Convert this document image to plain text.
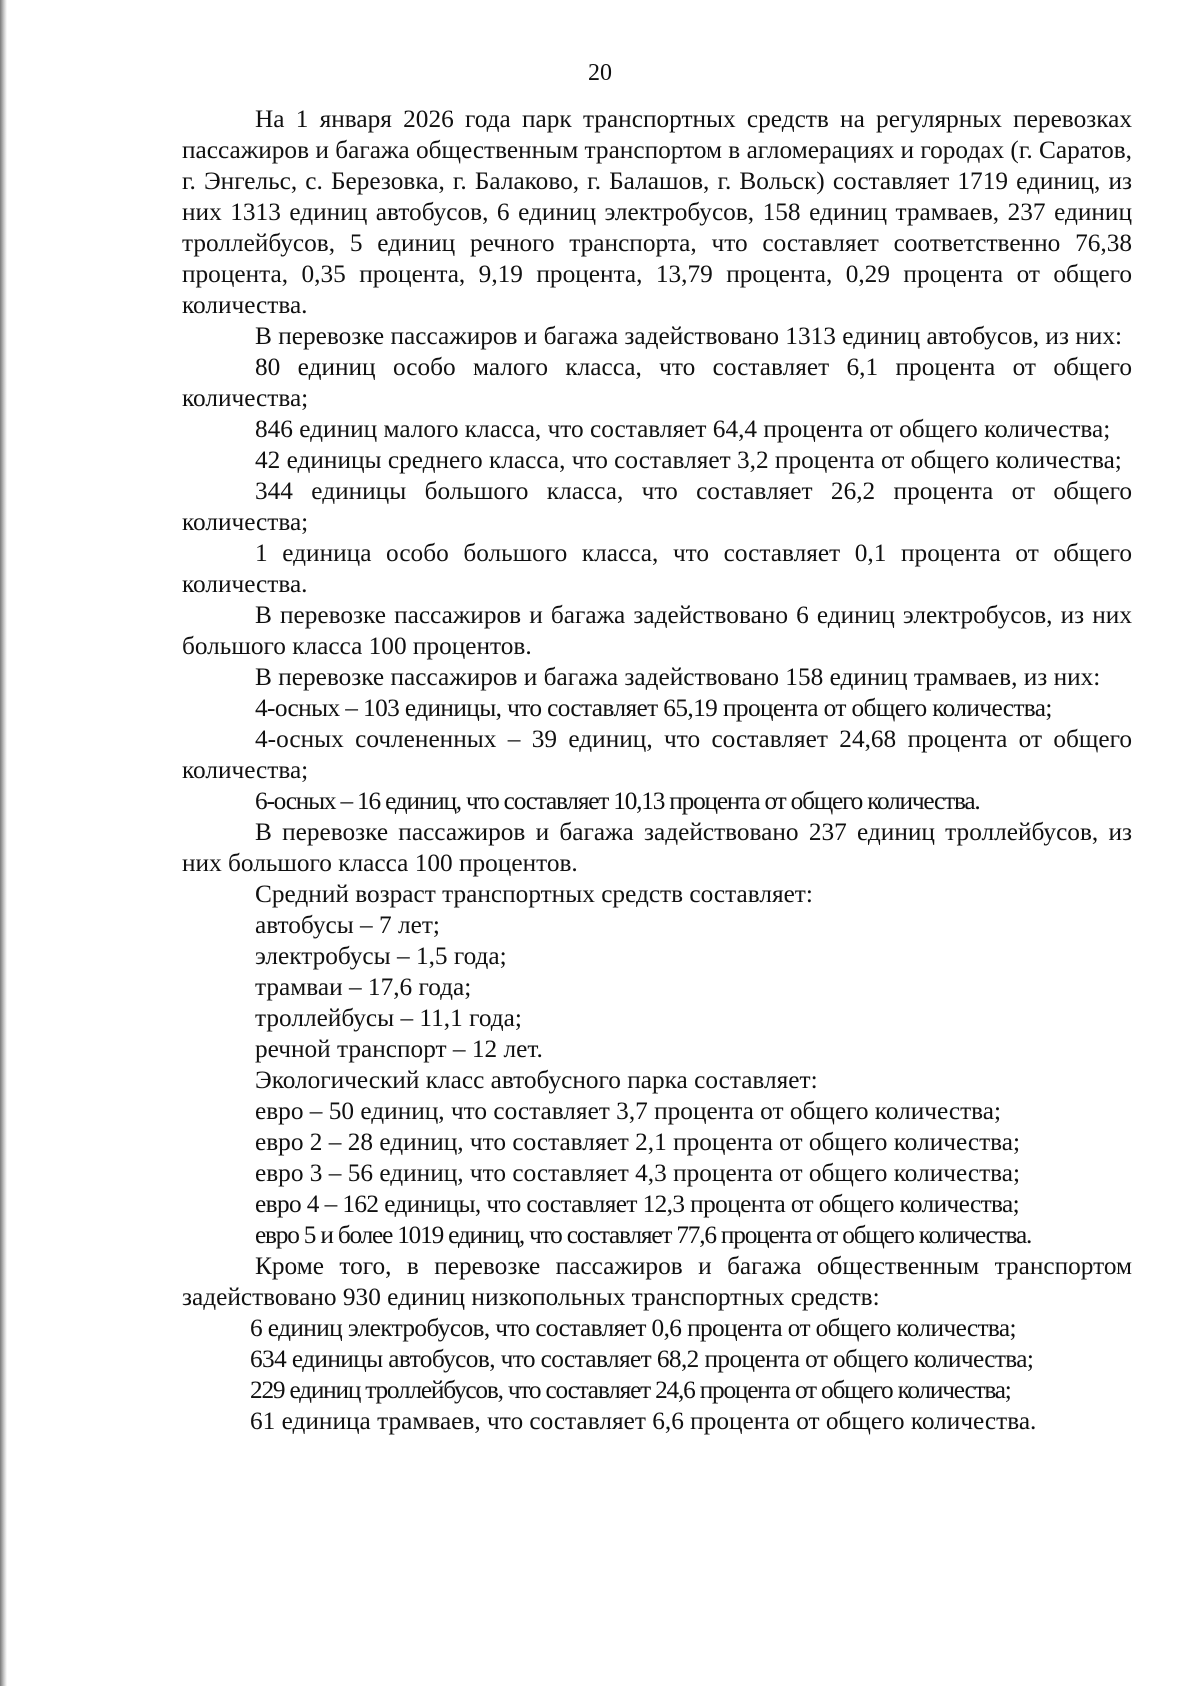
20

На 1 января 2026 года парк транспортных средств на регулярных перевозках пассажиров и багажа общественным транспортом в агломерациях и городах (г. Саратов, г. Энгельс, с. Березовка, г. Балаково, г. Балашов, г. Вольск) составляет 1719 единиц, из них 1313 единиц автобусов, 6 единиц электробусов, 158 единиц трамваев, 237 единиц троллейбусов, 5 единиц речного транспорта, что составляет соответственно 76,38 процента, 0,35 процента, 9,19 процента, 13,79 процента, 0,29 процента от общего количества.

В перевозке пассажиров и багажа задействовано 1313 единиц автобусов, из них:

80 единиц особо малого класса, что составляет 6,1 процента от общего количества;

846 единиц малого класса, что составляет 64,4 процента от общего количества;

42 единицы среднего класса, что составляет 3,2 процента от общего количества;

344 единицы большого класса, что составляет 26,2 процента от общего количества;

1 единица особо большого класса, что составляет 0,1 процента от общего количества.

В перевозке пассажиров и багажа задействовано 6 единиц электробусов, из них большого класса 100 процентов.

В перевозке пассажиров и багажа задействовано 158 единиц трамваев, из них:

4-осных – 103 единицы, что составляет 65,19 процента от общего количества;

4-осных сочлененных – 39 единиц, что составляет 24,68 процента от общего количества;

6-осных – 16 единиц, что составляет 10,13 процента от общего количества.

В перевозке пассажиров и багажа задействовано 237 единиц троллейбусов, из них большого класса 100 процентов.

Средний возраст транспортных средств составляет:

автобусы – 7 лет;

электробусы – 1,5 года;

трамваи – 17,6 года;

троллейбусы – 11,1 года;

речной транспорт – 12 лет.

Экологический класс автобусного парка составляет:

евро – 50 единиц, что составляет 3,7 процента от общего количества;

евро 2 – 28 единиц, что составляет 2,1 процента от общего количества;

евро 3 – 56 единиц, что составляет 4,3 процента от общего количества;

евро 4 – 162 единицы, что составляет 12,3 процента от общего количества;

евро 5 и более 1019 единиц, что составляет 77,6 процента от общего количества.

Кроме того, в перевозке пассажиров и багажа общественным транспортом задействовано 930 единиц низкопольных транспортных средств:

6 единиц электробусов, что составляет 0,6 процента от общего количества;

634 единицы автобусов, что составляет 68,2 процента от общего количества;

229 единиц троллейбусов, что составляет 24,6 процента от общего количества;

61 единица трамваев, что составляет 6,6 процента от общего количества.
